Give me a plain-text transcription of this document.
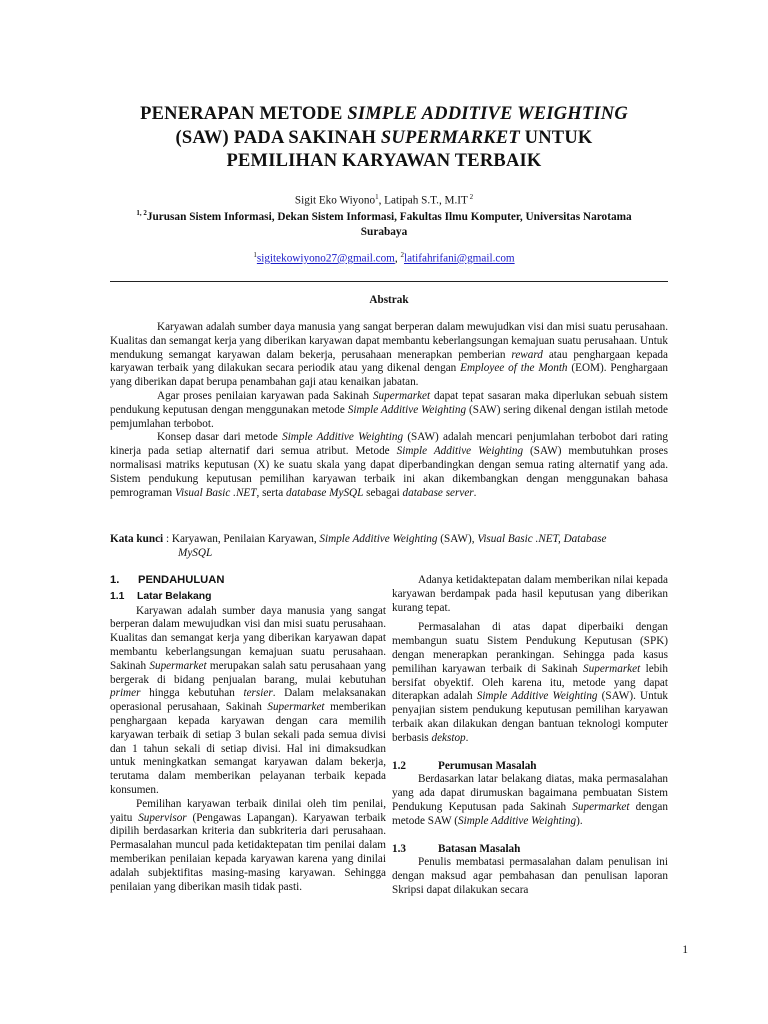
PENERAPAN METODE SIMPLE ADDITIVE WEIGHTING
(SAW) PADA SAKINAH SUPERMARKET UNTUK
PEMILIHAN KARYAWAN TERBAIK
Sigit Eko Wiyono$^1$, Latipah S.T., M.IT $^2$
$^{1, 2}$Jurusan Sistem Informasi, Dekan Sistem Informasi, Fakultas Ilmu Komputer, Universitas Narotama
Surabaya
$^1$sigitekowiyono27@gmail.com, $^2$latifahrifani@gmail.com
Abstrak

Karyawan adalah sumber daya manusia yang sangat berperan dalam mewujudkan visi dan misi suatu perusahaan. Kualitas dan semangat kerja yang diberikan karyawan dapat membantu keberlangsungan kemajuan suatu perusahaan. Untuk mendukung semangat karyawan dalam bekerja, perusahaan menerapkan pemberian reward atau penghargaan kepada karyawan terbaik yang dilakukan secara periodik atau yang dikenal dengan Employee of the Month (EOM). Penghargaan yang diberikan dapat berupa penambahan gaji atau kenaikan jabatan.

Agar proses penilaian karyawan pada Sakinah Supermarket dapat tepat sasaran maka diperlukan sebuah sistem pendukung keputusan dengan menggunakan metode Simple Additive Weighting (SAW) sering dikenal dengan istilah metode pemjumlahan terbobot.

Konsep dasar dari metode Simple Additive Weighting (SAW) adalah mencari penjumlahan terbobot dari rating kinerja pada setiap alternatif dari semua atribut. Metode Simple Additive Weighting (SAW) membutuhkan proses normalisasi matriks keputusan (X) ke suatu skala yang dapat diperbandingkan dengan semua rating alternatif yang ada. Sistem pendukung keputusan pemilihan karyawan terbaik ini akan dikembangkan dengan menggunakan bahasa pemrograman Visual Basic .NET, serta database MySQL sebagai database server.

Kata kunci : Karyawan, Penilaian Karyawan, Simple Additive Weighting (SAW), Visual Basic .NET, Database
MySQL
1. PENDAHULUAN
1.1 Latar Belakang

Karyawan adalah sumber daya manusia yang sangat berperan dalam mewujudkan visi dan misi suatu perusahaan. Kualitas dan semangat kerja yang diberikan karyawan dapat membantu keberlangsungan kemajuan suatu perusahaan. Sakinah Supermarket merupakan salah satu perusahaan yang bergerak di bidang penjualan barang, mulai kebutuhan primer hingga kebutuhan tersier. Dalam melaksanakan operasional perusahaan, Sakinah Supermarket memberikan penghargaan kepada karyawan dengan cara memilih karyawan terbaik di setiap 3 bulan sekali pada semua divisi dan 1 tahun sekali di setiap divisi. Hal ini dimaksudkan untuk meningkatkan semangat karyawan dalam bekerja, terutama dalam memberikan pelayanan terbaik kepada konsumen.

Pemilihan karyawan terbaik dinilai oleh tim penilai, yaitu Supervisor (Pengawas Lapangan). Karyawan terbaik dipilih berdasarkan kriteria dan subkriteria dari perusahaan. Permasalahan muncul pada ketidaktepatan tim penilai dalam memberikan penilaian kepada karyawan karena yang dinilai adalah subjektifitas masing-masing karyawan. Sehingga penilaian yang diberikan masih tidak pasti.

Adanya ketidaktepatan dalam memberikan nilai kepada karyawan berdampak pada hasil keputusan yang diberikan kurang tepat.

Permasalahan di atas dapat diperbaiki dengan membangun suatu Sistem Pendukung Keputusan (SPK) dengan menerapkan perankingan. Sehingga pada kasus pemilihan karyawan terbaik di Sakinah Supermarket lebih bersifat obyektif. Oleh karena itu, metode yang dapat diterapkan adalah Simple Additive Weighting (SAW). Untuk penyajian sistem pendukung keputusan pemilihan karyawan terbaik akan dilakukan dengan bantuan teknologi komputer berbasis dekstop.

1.2	Perumusan Masalah

Berdasarkan latar belakang diatas, maka permasalahan yang ada dapat dirumuskan bagaimana pembuatan Sistem Pendukung Keputusan pada Sakinah Supermarket dengan metode SAW (Simple Additive Weighting).

1.3	Batasan Masalah

Penulis membatasi permasalahan dalam penulisan ini dengan maksud agar pembahasan dan penulisan laporan Skripsi dapat dilakukan secara

1
